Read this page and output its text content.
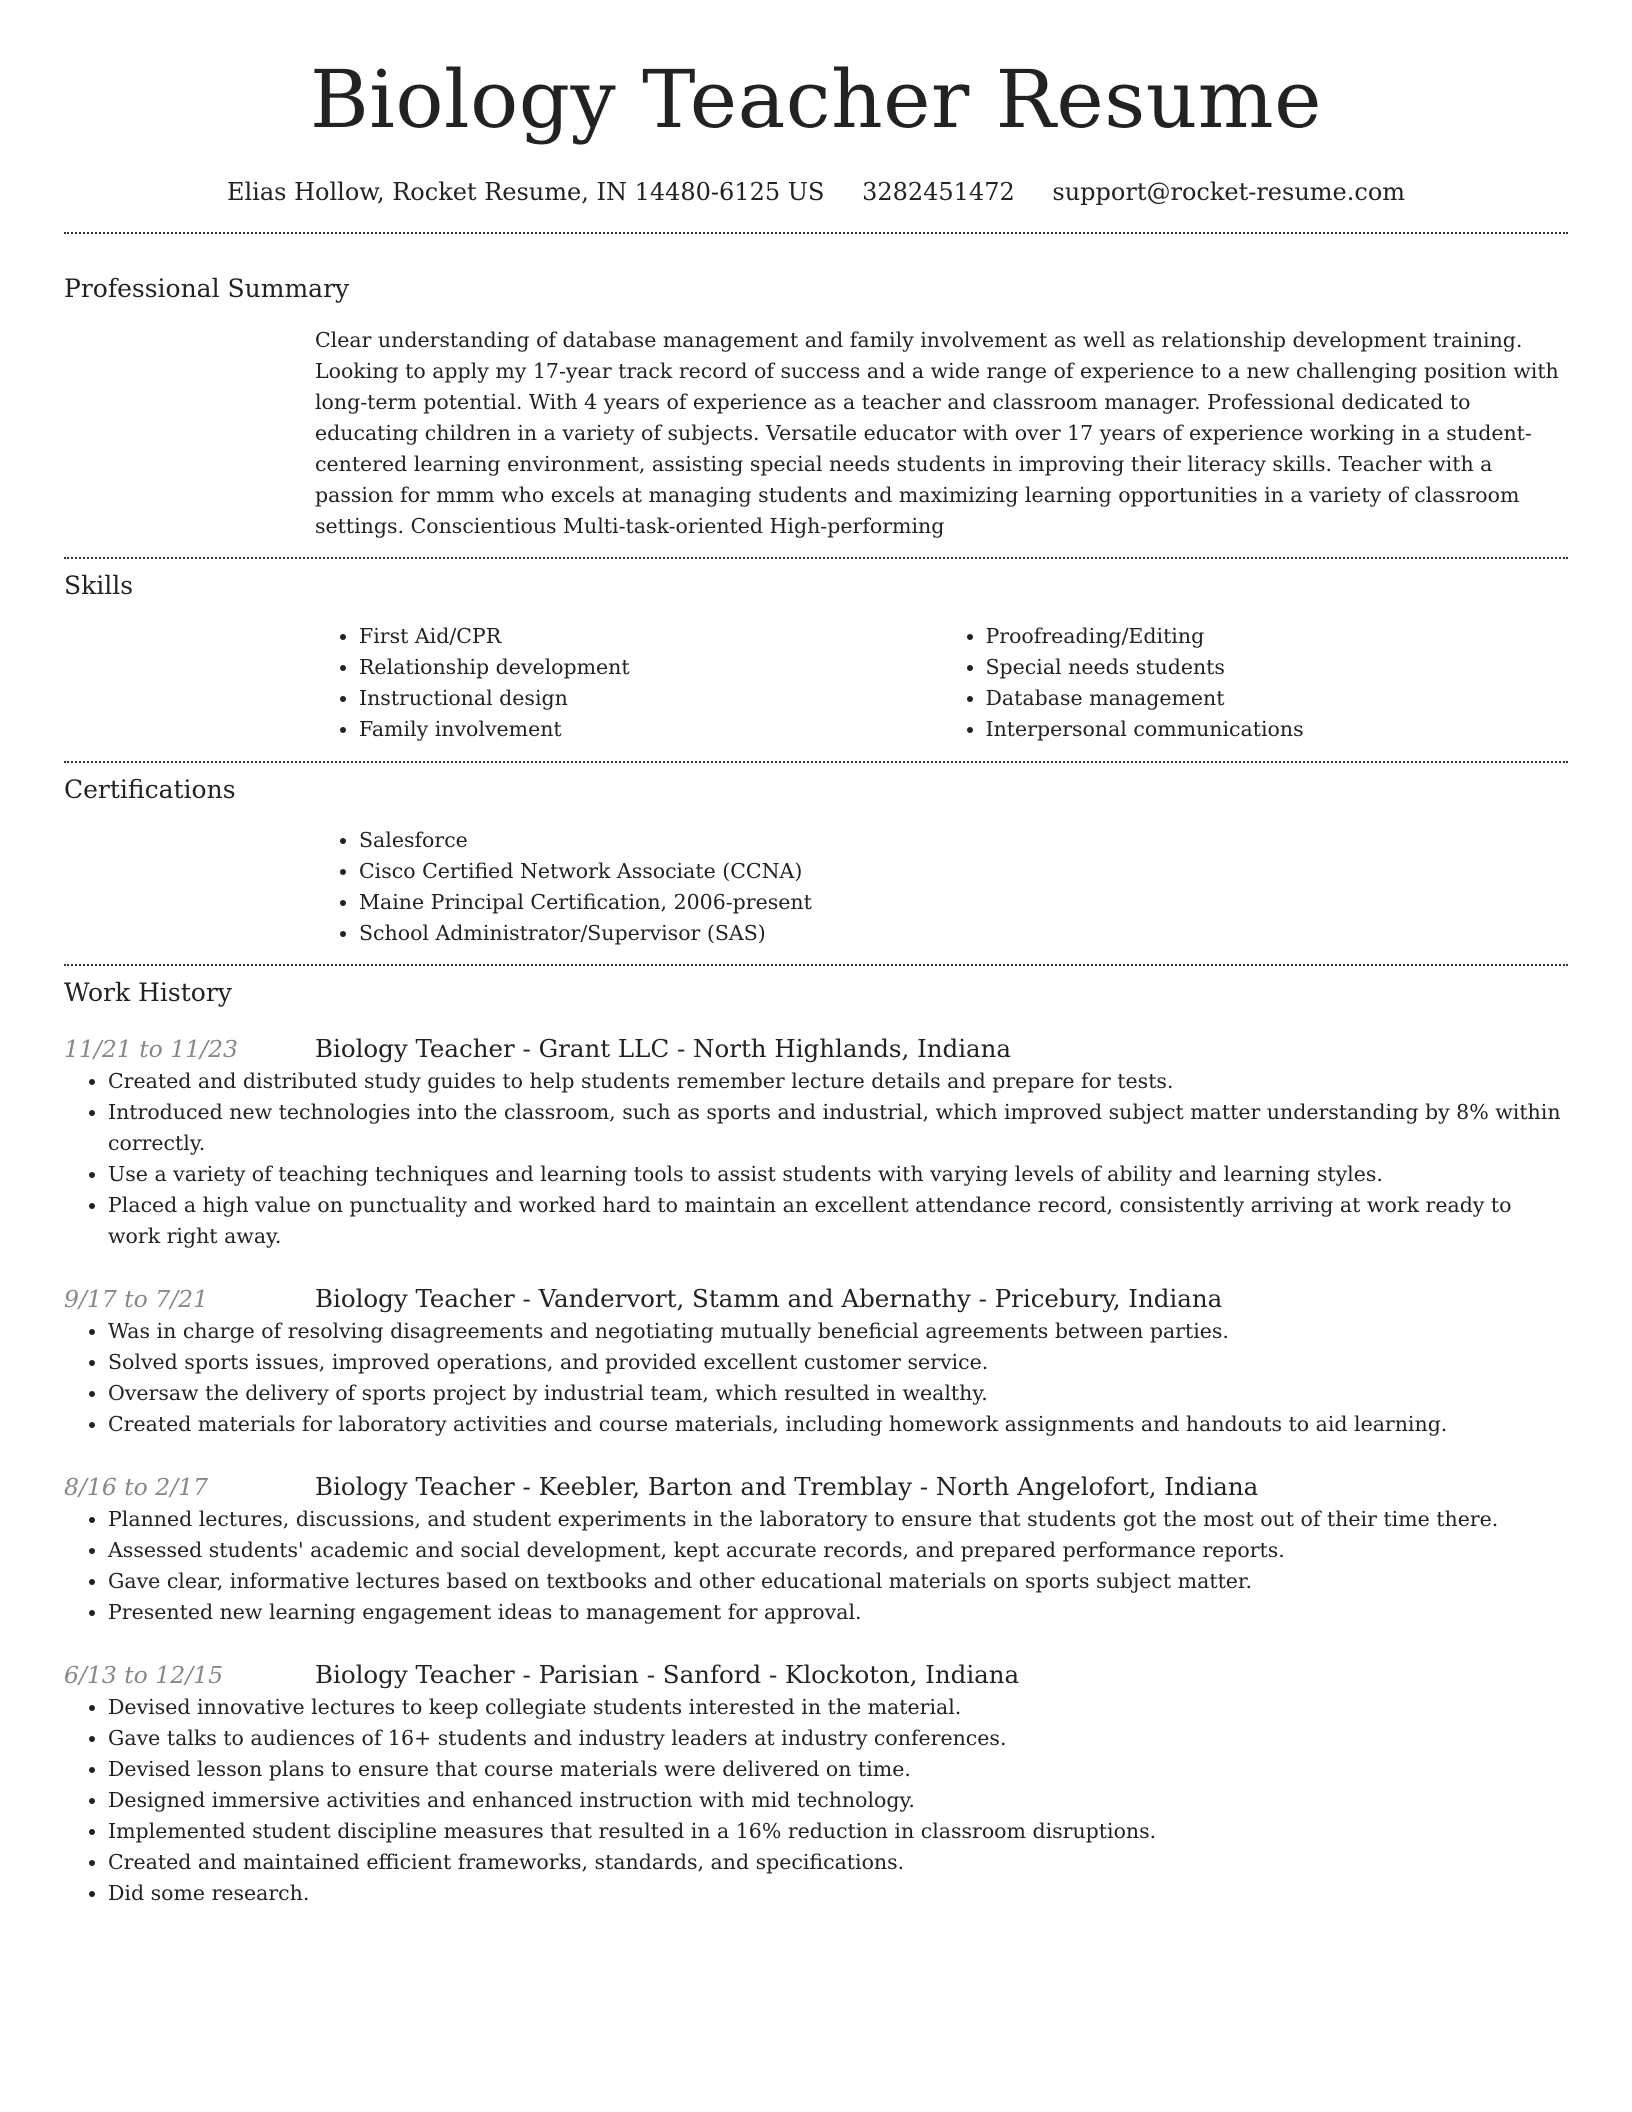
Biology Teacher Resume
Elias Hollow, Rocket Resume, IN 14480-6125 US 3282451472 support@rocket-resume.com
Professional Summary

Clear understanding of database management and family involvement as well as relationship development training. Looking to apply my 17-year track record of success and a wide range of experience to a new challenging position with long-term potential. With 4 years of experience as a teacher and classroom manager. Professional dedicated to educating children in a variety of subjects. Versatile educator with over 17 years of experience working in a student-centered learning environment, assisting special needs students in improving their literacy skills. Teacher with a passion for mmm who excels at managing students and maximizing learning opportunities in a variety of classroom settings. Conscientious Multi-task-oriented High-performing

Skills
• First Aid/CPR
• Relationship development
• Instructional design
• Family involvement
• Proofreading/Editing
• Special needs students
• Database management
• Interpersonal communications
Certifications
• Salesforce
• Cisco Certified Network Associate (CCNA)
• Maine Principal Certification, 2006-present
• School Administrator/Supervisor (SAS)
Work History
11/21 to 11/23	Biology Teacher - Grant LLC - North Highlands, Indiana
• Created and distributed study guides to help students remember lecture details and prepare for tests.
• Introduced new technologies into the classroom, such as sports and industrial, which improved subject matter understanding by 8% within correctly.
• Use a variety of teaching techniques and learning tools to assist students with varying levels of ability and learning styles.
• Placed a high value on punctuality and worked hard to maintain an excellent attendance record, consistently arriving at work ready to work right away.
9/17 to 7/21	Biology Teacher - Vandervort, Stamm and Abernathy - Pricebury, Indiana
• Was in charge of resolving disagreements and negotiating mutually beneficial agreements between parties.
• Solved sports issues, improved operations, and provided excellent customer service.
• Oversaw the delivery of sports project by industrial team, which resulted in wealthy.
• Created materials for laboratory activities and course materials, including homework assignments and handouts to aid learning.
8/16 to 2/17	Biology Teacher - Keebler, Barton and Tremblay - North Angelofort, Indiana
• Planned lectures, discussions, and student experiments in the laboratory to ensure that students got the most out of their time there.
• Assessed students' academic and social development, kept accurate records, and prepared performance reports.
• Gave clear, informative lectures based on textbooks and other educational materials on sports subject matter.
• Presented new learning engagement ideas to management for approval.
6/13 to 12/15	Biology Teacher - Parisian - Sanford - Klockoton, Indiana
• Devised innovative lectures to keep collegiate students interested in the material.
• Gave talks to audiences of 16+ students and industry leaders at industry conferences.
• Devised lesson plans to ensure that course materials were delivered on time.
• Designed immersive activities and enhanced instruction with mid technology.
• Implemented student discipline measures that resulted in a 16% reduction in classroom disruptions.
• Created and maintained efficient frameworks, standards, and specifications.
• Did some research.
